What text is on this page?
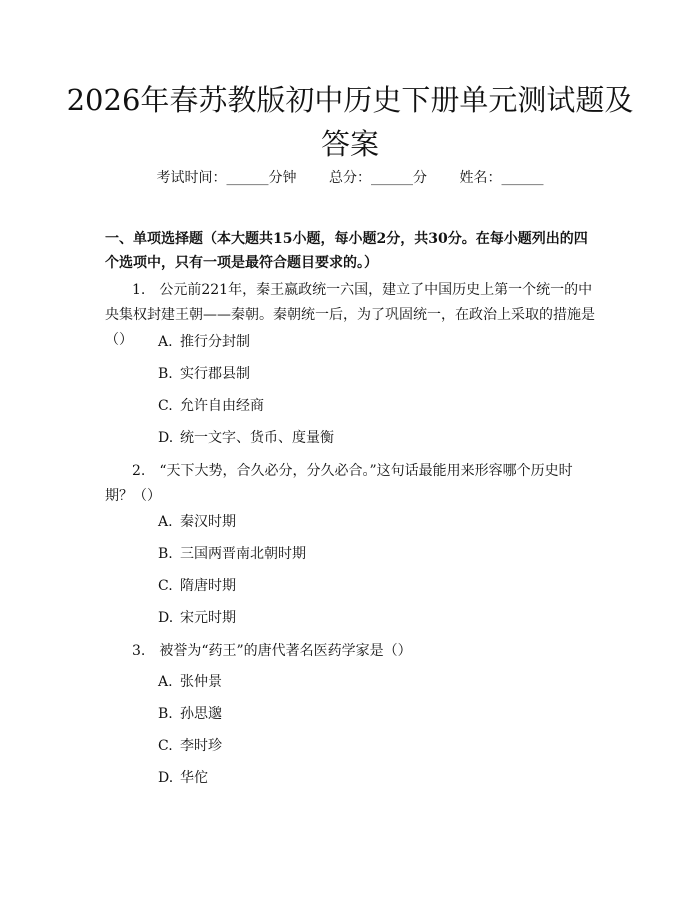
2026年春苏教版初中历史下册单元测试题及答案
考试时间：______分钟 总分：______分 姓名：______

一、单项选择题（本大题共15小题，每小题2分，共30分。在每小题列出的四个选项中，只有一项是最符合题目要求的。）

1. 公元前221年，秦王嬴政统一六国，建立了中国历史上第一个统一的中央集权封建王朝——秦朝。秦朝统一后，为了巩固统一，在政治上采取的措施是（）	A. 推行分封制
B. 实行郡县制
C. 允许自由经商
D. 统一文字、货币、度量衡

2. “天下大势，合久必分，分久必合。”这句话最能用来形容哪个历史时期？（）

A. 秦汉时期
B. 三国两晋南北朝时期
C. 隋唐时期
D. 宋元时期

3. 被誉为“药王”的唐代著名医药学家是（）

A. 张仲景
B. 孙思邈
C. 李时珍
D. 华佗
